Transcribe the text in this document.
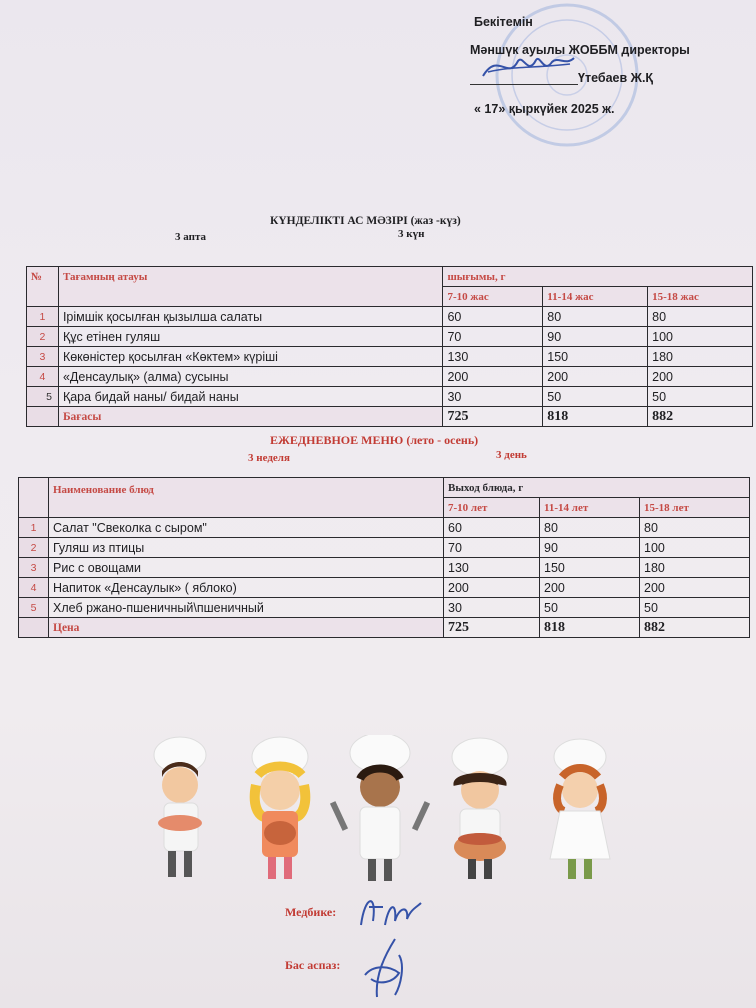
Бекітемін
Мәншүк ауылы ЖОББМ директоры
Үтебаев Ж.Қ
« 17» қыркүйек 2025 ж.
КҮНДЕЛІКТІ АС МӘЗІРІ (жаз -күз)
3 апта	3 күн
№	Тағамның атауы	шығымы, г		
		7-10 жас	11-14 жас	15-18 жас
1	Ірімшік қосылған қызылша салаты	60	80	80
2	Құс етінен гуляш	70	90	100
3	Көкөністер қосылған «Көктем» күріші	130	150	180
4	«Денсаулық» (алма) сусыны	200	200	200
5	Қара бидай наны/ бидай наны	30	50	50
	Бағасы	725	818	882
ЕЖЕДНЕВНОЕ МЕНЮ (лето - осень)
3 неделя	3 день
	Наименование блюд	Выход блюда, г		
		7-10 лет	11-14 лет	15-18 лет
1	Салат "Свеколка с сыром"	60	80	80
2	Гуляш из птицы	70	90	100
3	Рис с овощами	130	150	180
4	Напиток «Денсаулык» ( яблоко)	200	200	200
5	Хлеб ржано-пшеничный\пшеничный	30	50	50
	Цена	725	818	882
Медбике:
Бас аспаз:
